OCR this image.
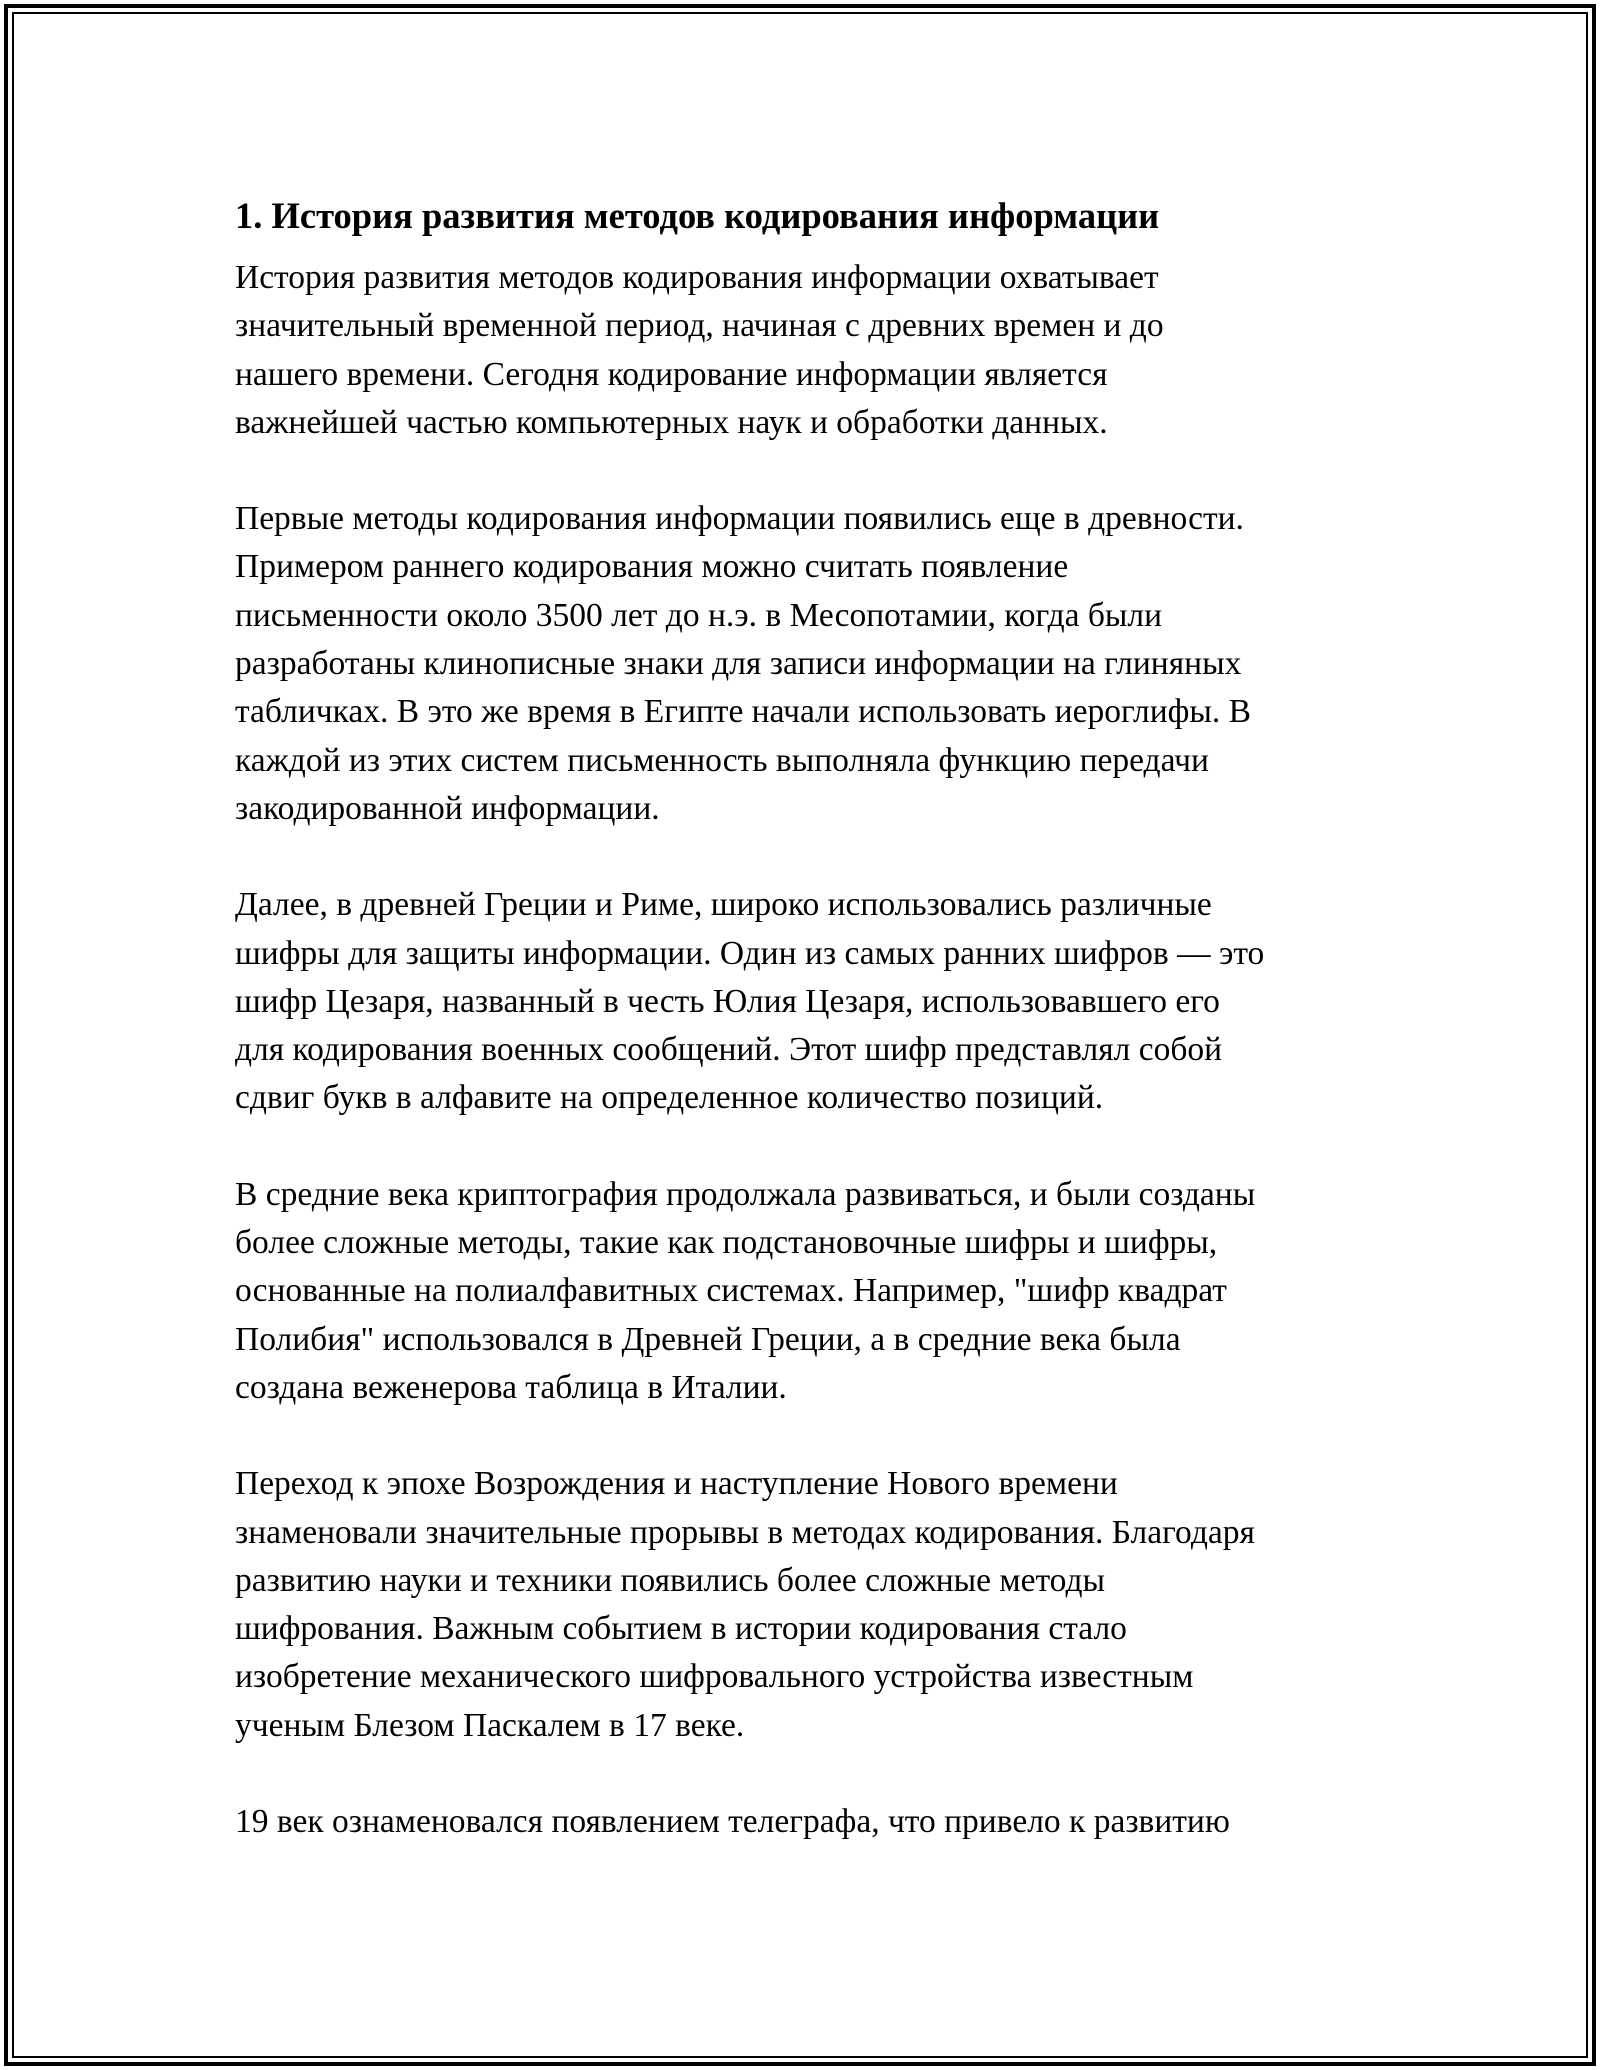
1. История развития методов кодирования информации
История развития методов кодирования информации охватывает
значительный временной период, начиная с древних времен и до
нашего времени. Сегодня кодирование информации является
важнейшей частью компьютерных наук и обработки данных.
Первые методы кодирования информации появились еще в древности.
Примером раннего кодирования можно считать появление
письменности около 3500 лет до н.э. в Месопотамии, когда были
разработаны клинописные знаки для записи информации на глиняных
табличках. В это же время в Египте начали использовать иероглифы. В
каждой из этих систем письменность выполняла функцию передачи
закодированной информации.
Далее, в древней Греции и Риме, широко использовались различные
шифры для защиты информации. Один из самых ранних шифров — это
шифр Цезаря, названный в честь Юлия Цезаря, использовавшего его
для кодирования военных сообщений. Этот шифр представлял собой
сдвиг букв в алфавите на определенное количество позиций.
В средние века криптография продолжала развиваться, и были созданы
более сложные методы, такие как подстановочные шифры и шифры,
основанные на полиалфавитных системах. Например, "шифр квадрат
Полибия" использовался в Древней Греции, а в средние века была
создана веженерова таблица в Италии.
Переход к эпохе Возрождения и наступление Нового времени
знаменовали значительные прорывы в методах кодирования. Благодаря
развитию науки и техники появились более сложные методы
шифрования. Важным событием в истории кодирования стало
изобретение механического шифровального устройства известным
ученым Блезом Паскалем в 17 веке.
19 век ознаменовался появлением телеграфа, что привело к развитию
